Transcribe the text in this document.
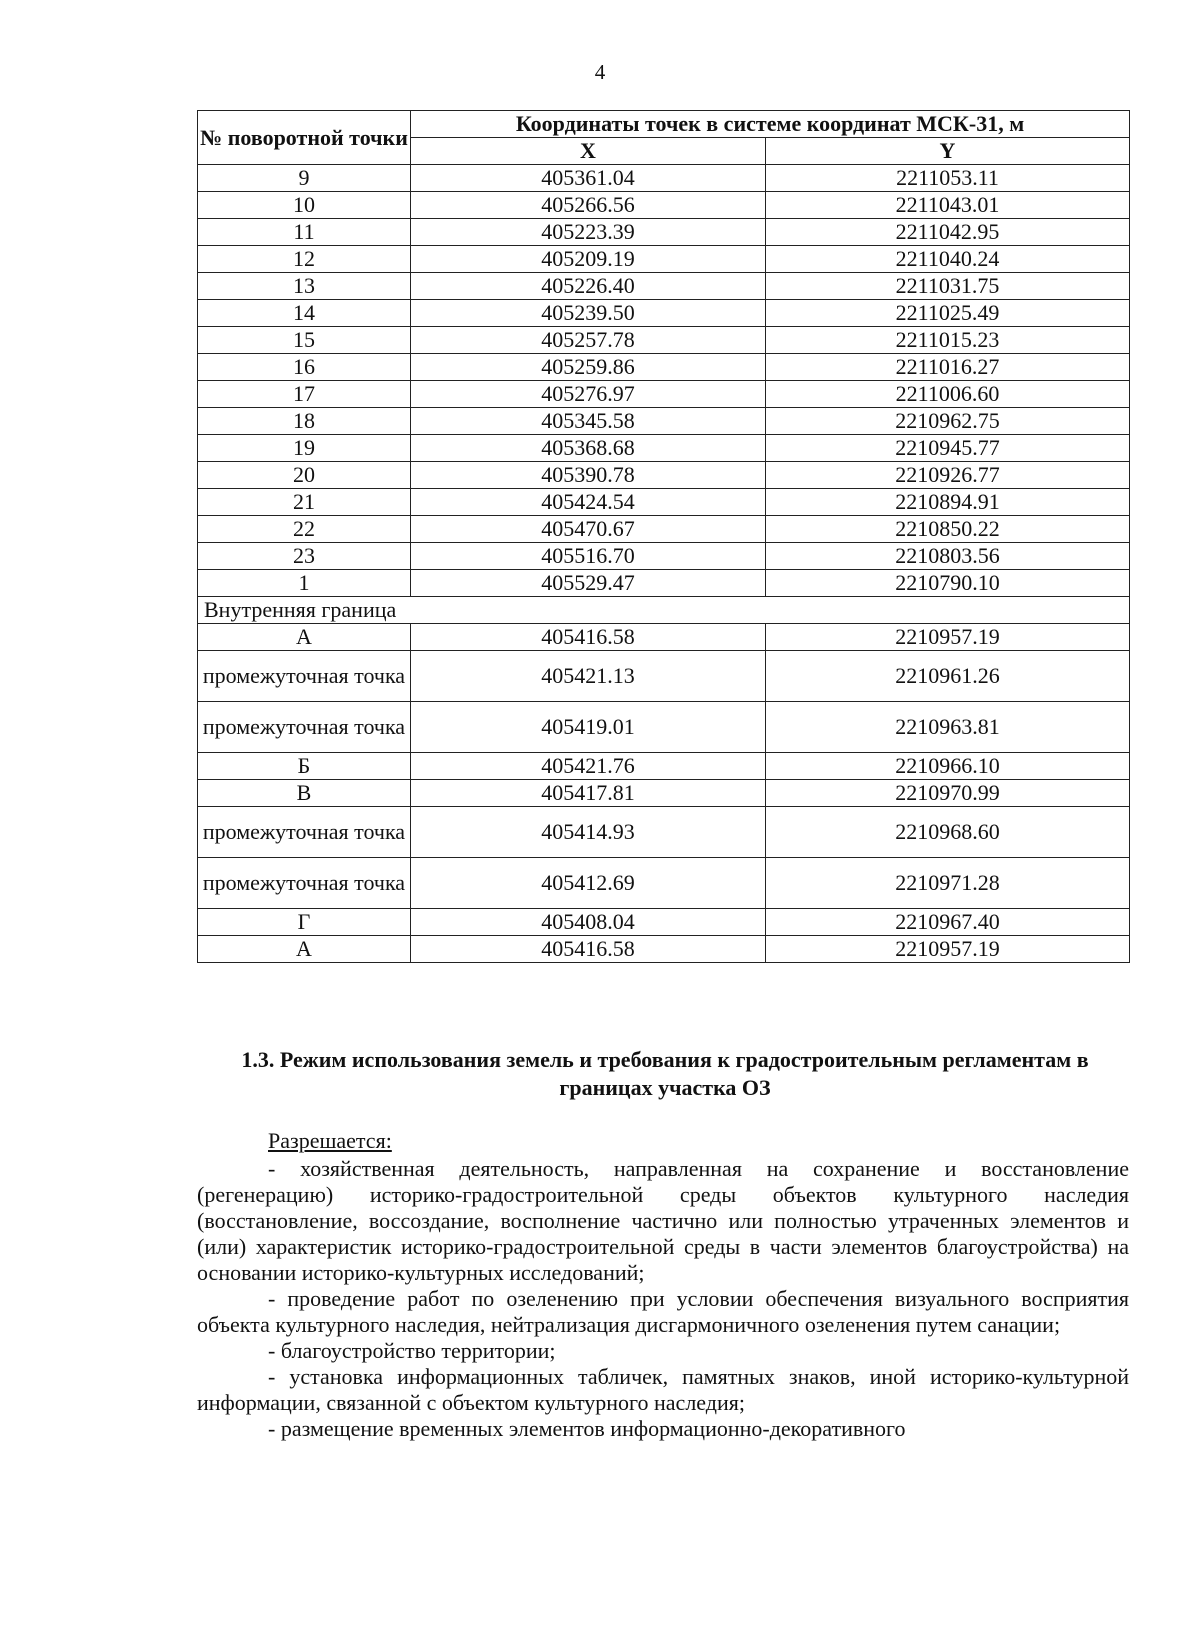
4
№ поворотной точки	Координаты точек в системе координат МСК-31, м	
	X	Y
9	405361.04	2211053.11
10	405266.56	2211043.01
11	405223.39	2211042.95
12	405209.19	2211040.24
13	405226.40	2211031.75
14	405239.50	2211025.49
15	405257.78	2211015.23
16	405259.86	2211016.27
17	405276.97	2211006.60
18	405345.58	2210962.75
19	405368.68	2210945.77
20	405390.78	2210926.77
21	405424.54	2210894.91
22	405470.67	2210850.22
23	405516.70	2210803.56
1	405529.47	2210790.10
Внутренняя граница		
А	405416.58	2210957.19
промежуточная точка	405421.13	2210961.26
промежуточная точка	405419.01	2210963.81
Б	405421.76	2210966.10
В	405417.81	2210970.99
промежуточная точка	405414.93	2210968.60
промежуточная точка	405412.69	2210971.28
Г	405408.04	2210967.40
А	405416.58	2210957.19
1.3. Режим использования земель и требования к градостроительным регламентам в границах участка ОЗ

Разрешается:

- хозяйственная деятельность, направленная на сохранение и восстановление (регенерацию) историко-градостроительной среды объектов культурного наследия (восстановление, воссоздание, восполнение частично или полностью утраченных элементов и (или) характеристик историко-градостроительной среды в части элементов благоустройства) на основании историко-культурных исследований;

- проведение работ по озеленению при условии обеспечения визуального восприятия объекта культурного наследия, нейтрализация дисгармоничного озеленения путем санации;

- благоустройство территории;

- установка информационных табличек, памятных знаков, иной историко-культурной информации, связанной с объектом культурного наследия;

- размещение временных элементов информационно-декоративного
